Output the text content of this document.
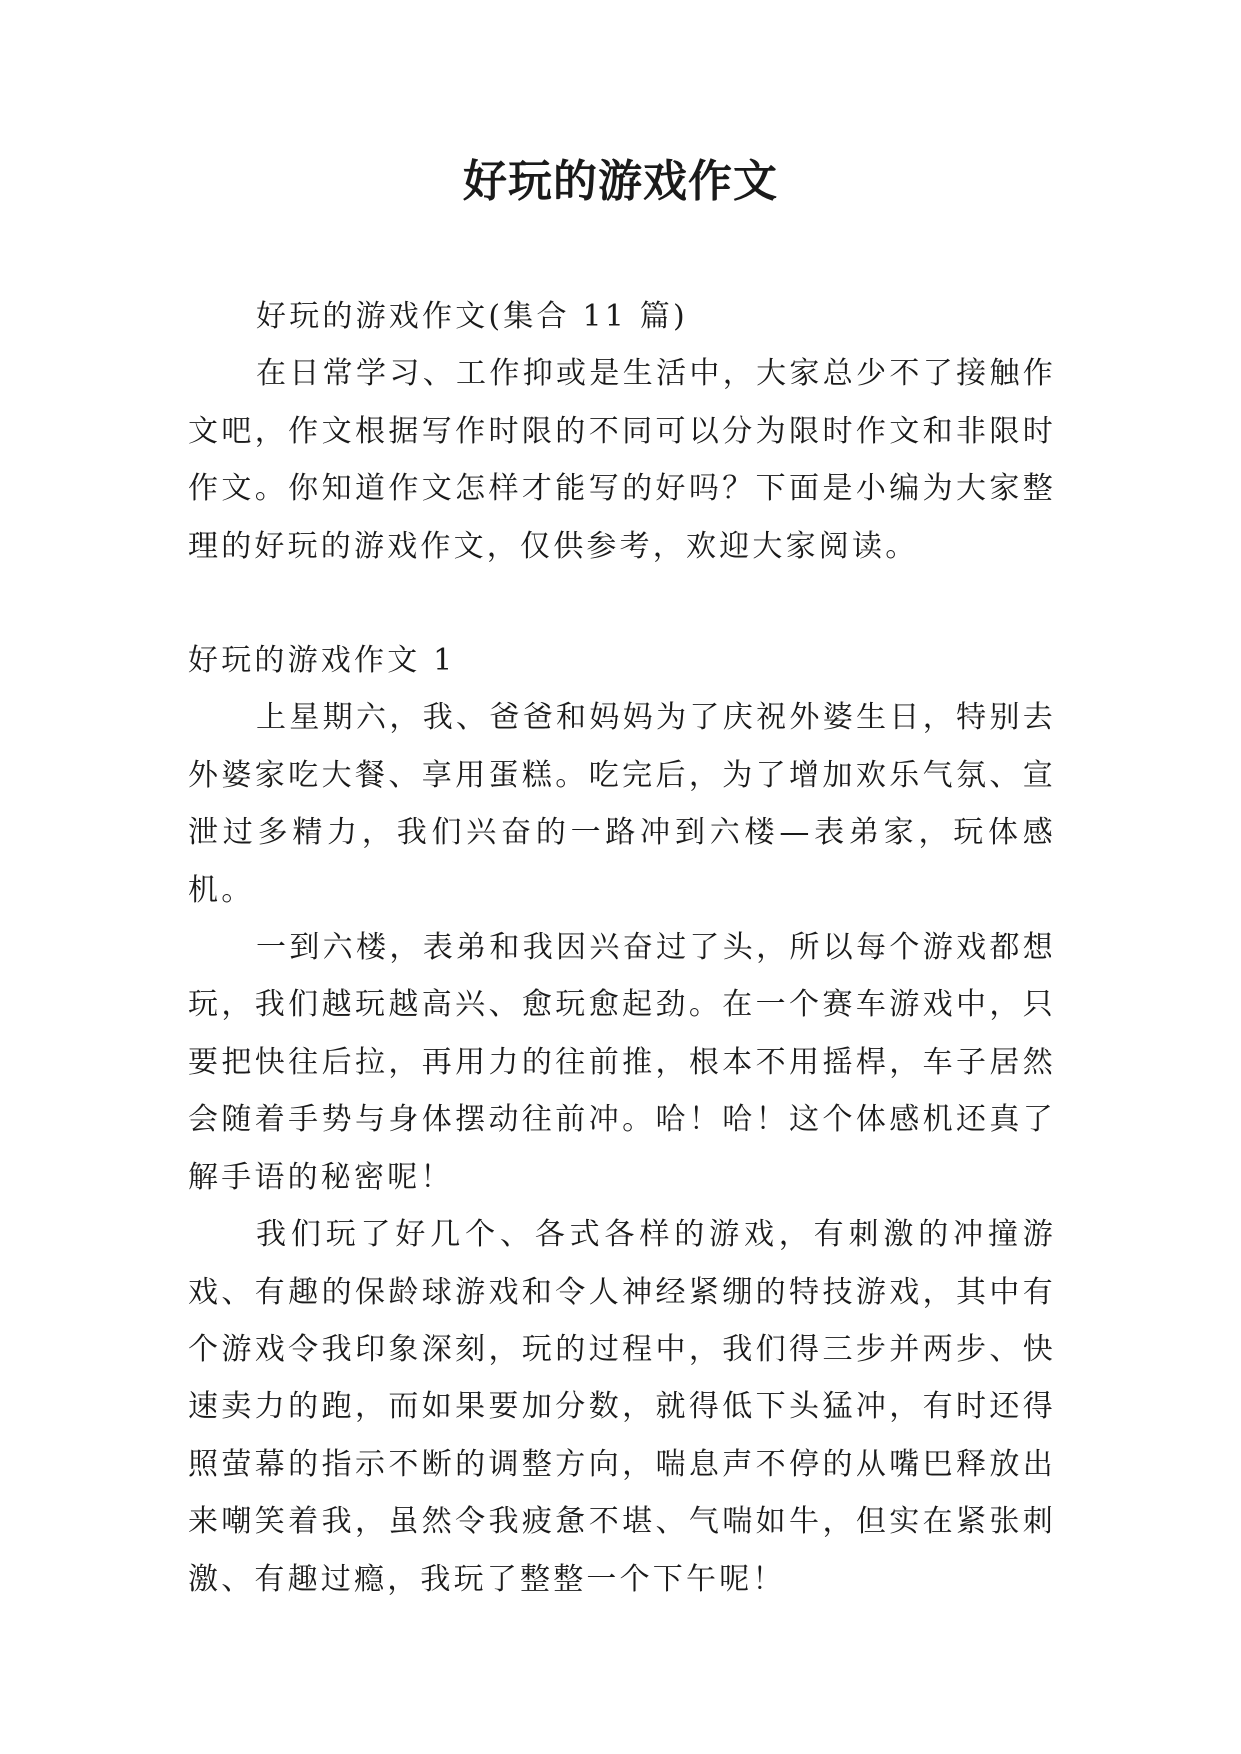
好玩的游戏作文

好玩的游戏作文(集合 11 篇)

在日常学习、工作抑或是生活中，大家总少不了接触作文吧，作文根据写作时限的不同可以分为限时作文和非限时作文。你知道作文怎样才能写的好吗？下面是小编为大家整理的好玩的游戏作文，仅供参考，欢迎大家阅读。

好玩的游戏作文 1

上星期六，我、爸爸和妈妈为了庆祝外婆生日，特别去外婆家吃大餐、享用蛋糕。吃完后，为了增加欢乐气氛、宣泄过多精力，我们兴奋的一路冲到六楼—表弟家，玩体感机。

一到六楼，表弟和我因兴奋过了头，所以每个游戏都想玩，我们越玩越高兴、愈玩愈起劲。在一个赛车游戏中，只要把快往后拉，再用力的往前推，根本不用摇桿，车子居然会随着手势与身体摆动往前冲。哈！哈！这个体感机还真了解手语的秘密呢！

我们玩了好几个、各式各样的游戏，有刺激的冲撞游戏、有趣的保龄球游戏和令人神经紧绷的特技游戏，其中有个游戏令我印象深刻，玩的过程中，我们得三步并两步、快速卖力的跑，而如果要加分数，就得低下头猛冲，有时还得照萤幕的指示不断的调整方向，喘息声不停的从嘴巴释放出来嘲笑着我，虽然令我疲惫不堪、气喘如牛，但实在紧张刺激、有趣过瘾，我玩了整整一个下午呢！
